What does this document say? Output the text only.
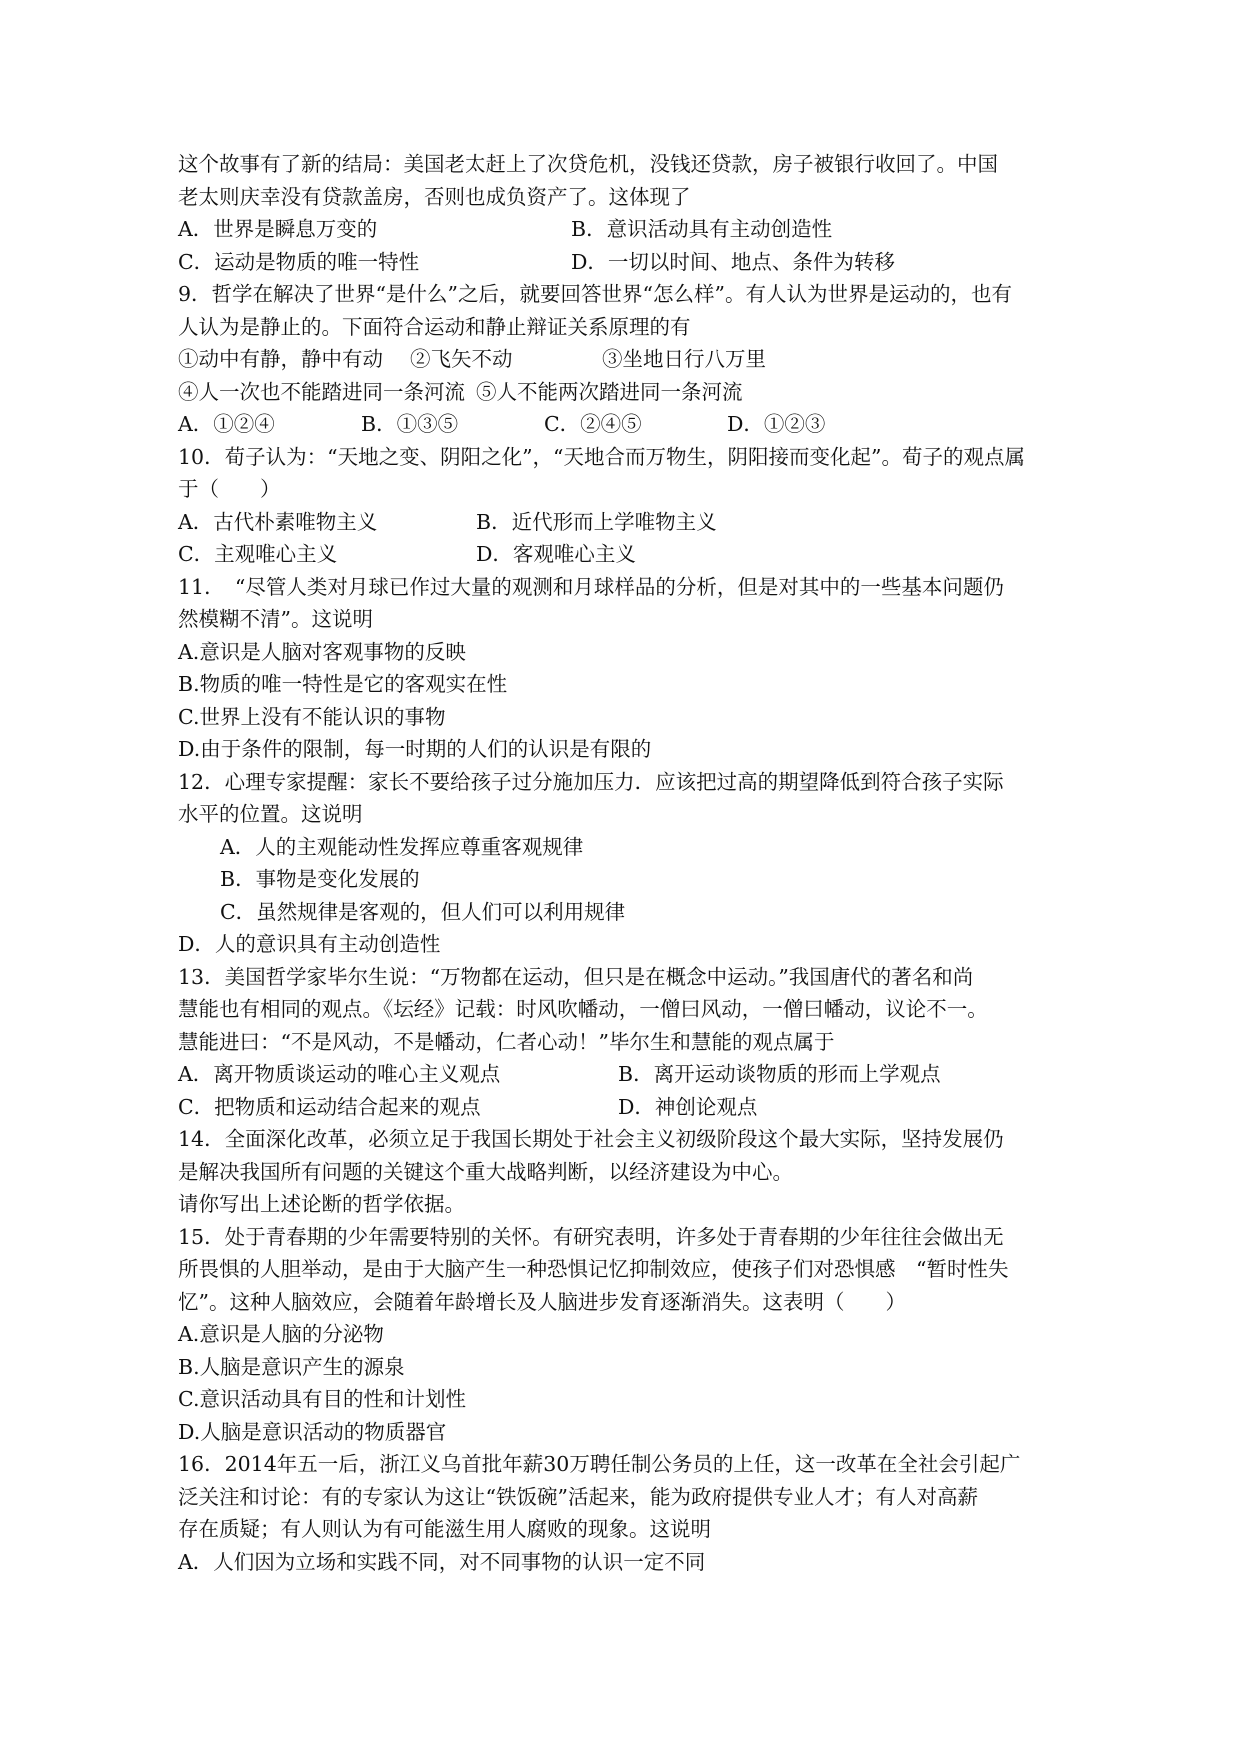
这个故事有了新的结局：美国老太赶上了次贷危机，没钱还贷款，房子被银行收回了。中国
老太则庆幸没有贷款盖房，否则也成负资产了。这体现了
A．世界是瞬息万变的	B．意识活动具有主动创造性
C．运动是物质的唯一特性	D．一切以时间、地点、条件为转移
9．哲学在解决了世界“是什么”之后，就要回答世界“怎么样”。有人认为世界是运动的，也有
人认为是静止的。下面符合运动和静止辩证关系原理的有
①动中有静，静中有动	②飞矢不动	③坐地日行八万里
④人一次也不能踏进同一条河流 ⑤人不能两次踏进同一条河流
A．①②④	B．①③⑤	C．②④⑤	D．①②③
10．荀子认为：“天地之变、阴阳之化”，“天地合而万物生，阴阳接而变化起”。荀子的观点属
于（　　）
A．古代朴素唯物主义	B．近代形而上学唯物主义
C．主观唯心主义	D．客观唯心主义
11．　“尽管人类对月球已作过大量的观测和月球样品的分析，但是对其中的一些基本问题仍
然模糊不清”。这说明
A.意识是人脑对客观事物的反映
B.物质的唯一特性是它的客观实在性
C.世界上没有不能认识的事物
D.由于条件的限制，每一时期的人们的认识是有限的
12．心理专家提醒：家长不要给孩子过分施加压力．应该把过高的期望降低到符合孩子实际
水平的位置。这说明
A．人的主观能动性发挥应尊重客观规律
B．事物是变化发展的
C．虽然规律是客观的，但人们可以利用规律
D．人的意识具有主动创造性
13．美国哲学家毕尔生说：“万物都在运动，但只是在概念中运动。”我国唐代的著名和尚
慧能也有相同的观点。《坛经》记载：时风吹幡动，一僧曰风动，一僧曰幡动，议论不一。
慧能进曰：“不是风动，不是幡动，仁者心动！”毕尔生和慧能的观点属于
A．离开物质谈运动的唯心主义观点	B．离开运动谈物质的形而上学观点
C．把物质和运动结合起来的观点	D．神创论观点
14．全面深化改革，必须立足于我国长期处于社会主义初级阶段这个最大实际，坚持发展仍
是解决我国所有问题的关键这个重大战略判断，以经济建设为中心。
请你写出上述论断的哲学依据。
15．处于青春期的少年需要特别的关怀。有研究表明，许多处于青春期的少年往往会做出无
所畏惧的人胆举动，是由于大脑产生一种恐惧记忆抑制效应，使孩子们对恐惧感　“暂时性失
忆”。这种人脑效应，会随着年龄增长及人脑进步发育逐渐消失。这表明（　　）
A.意识是人脑的分泌物
B.人脑是意识产生的源泉
C.意识活动具有目的性和计划性
D.人脑是意识活动的物质器官
16．2014年五一后，浙江义乌首批年薪30万聘任制公务员的上任，这一改革在全社会引起广
泛关注和讨论：有的专家认为这让“铁饭碗”活起来，能为政府提供专业人才；有人对高薪
存在质疑；有人则认为有可能滋生用人腐败的现象。这说明
A．人们因为立场和实践不同，对不同事物的认识一定不同
